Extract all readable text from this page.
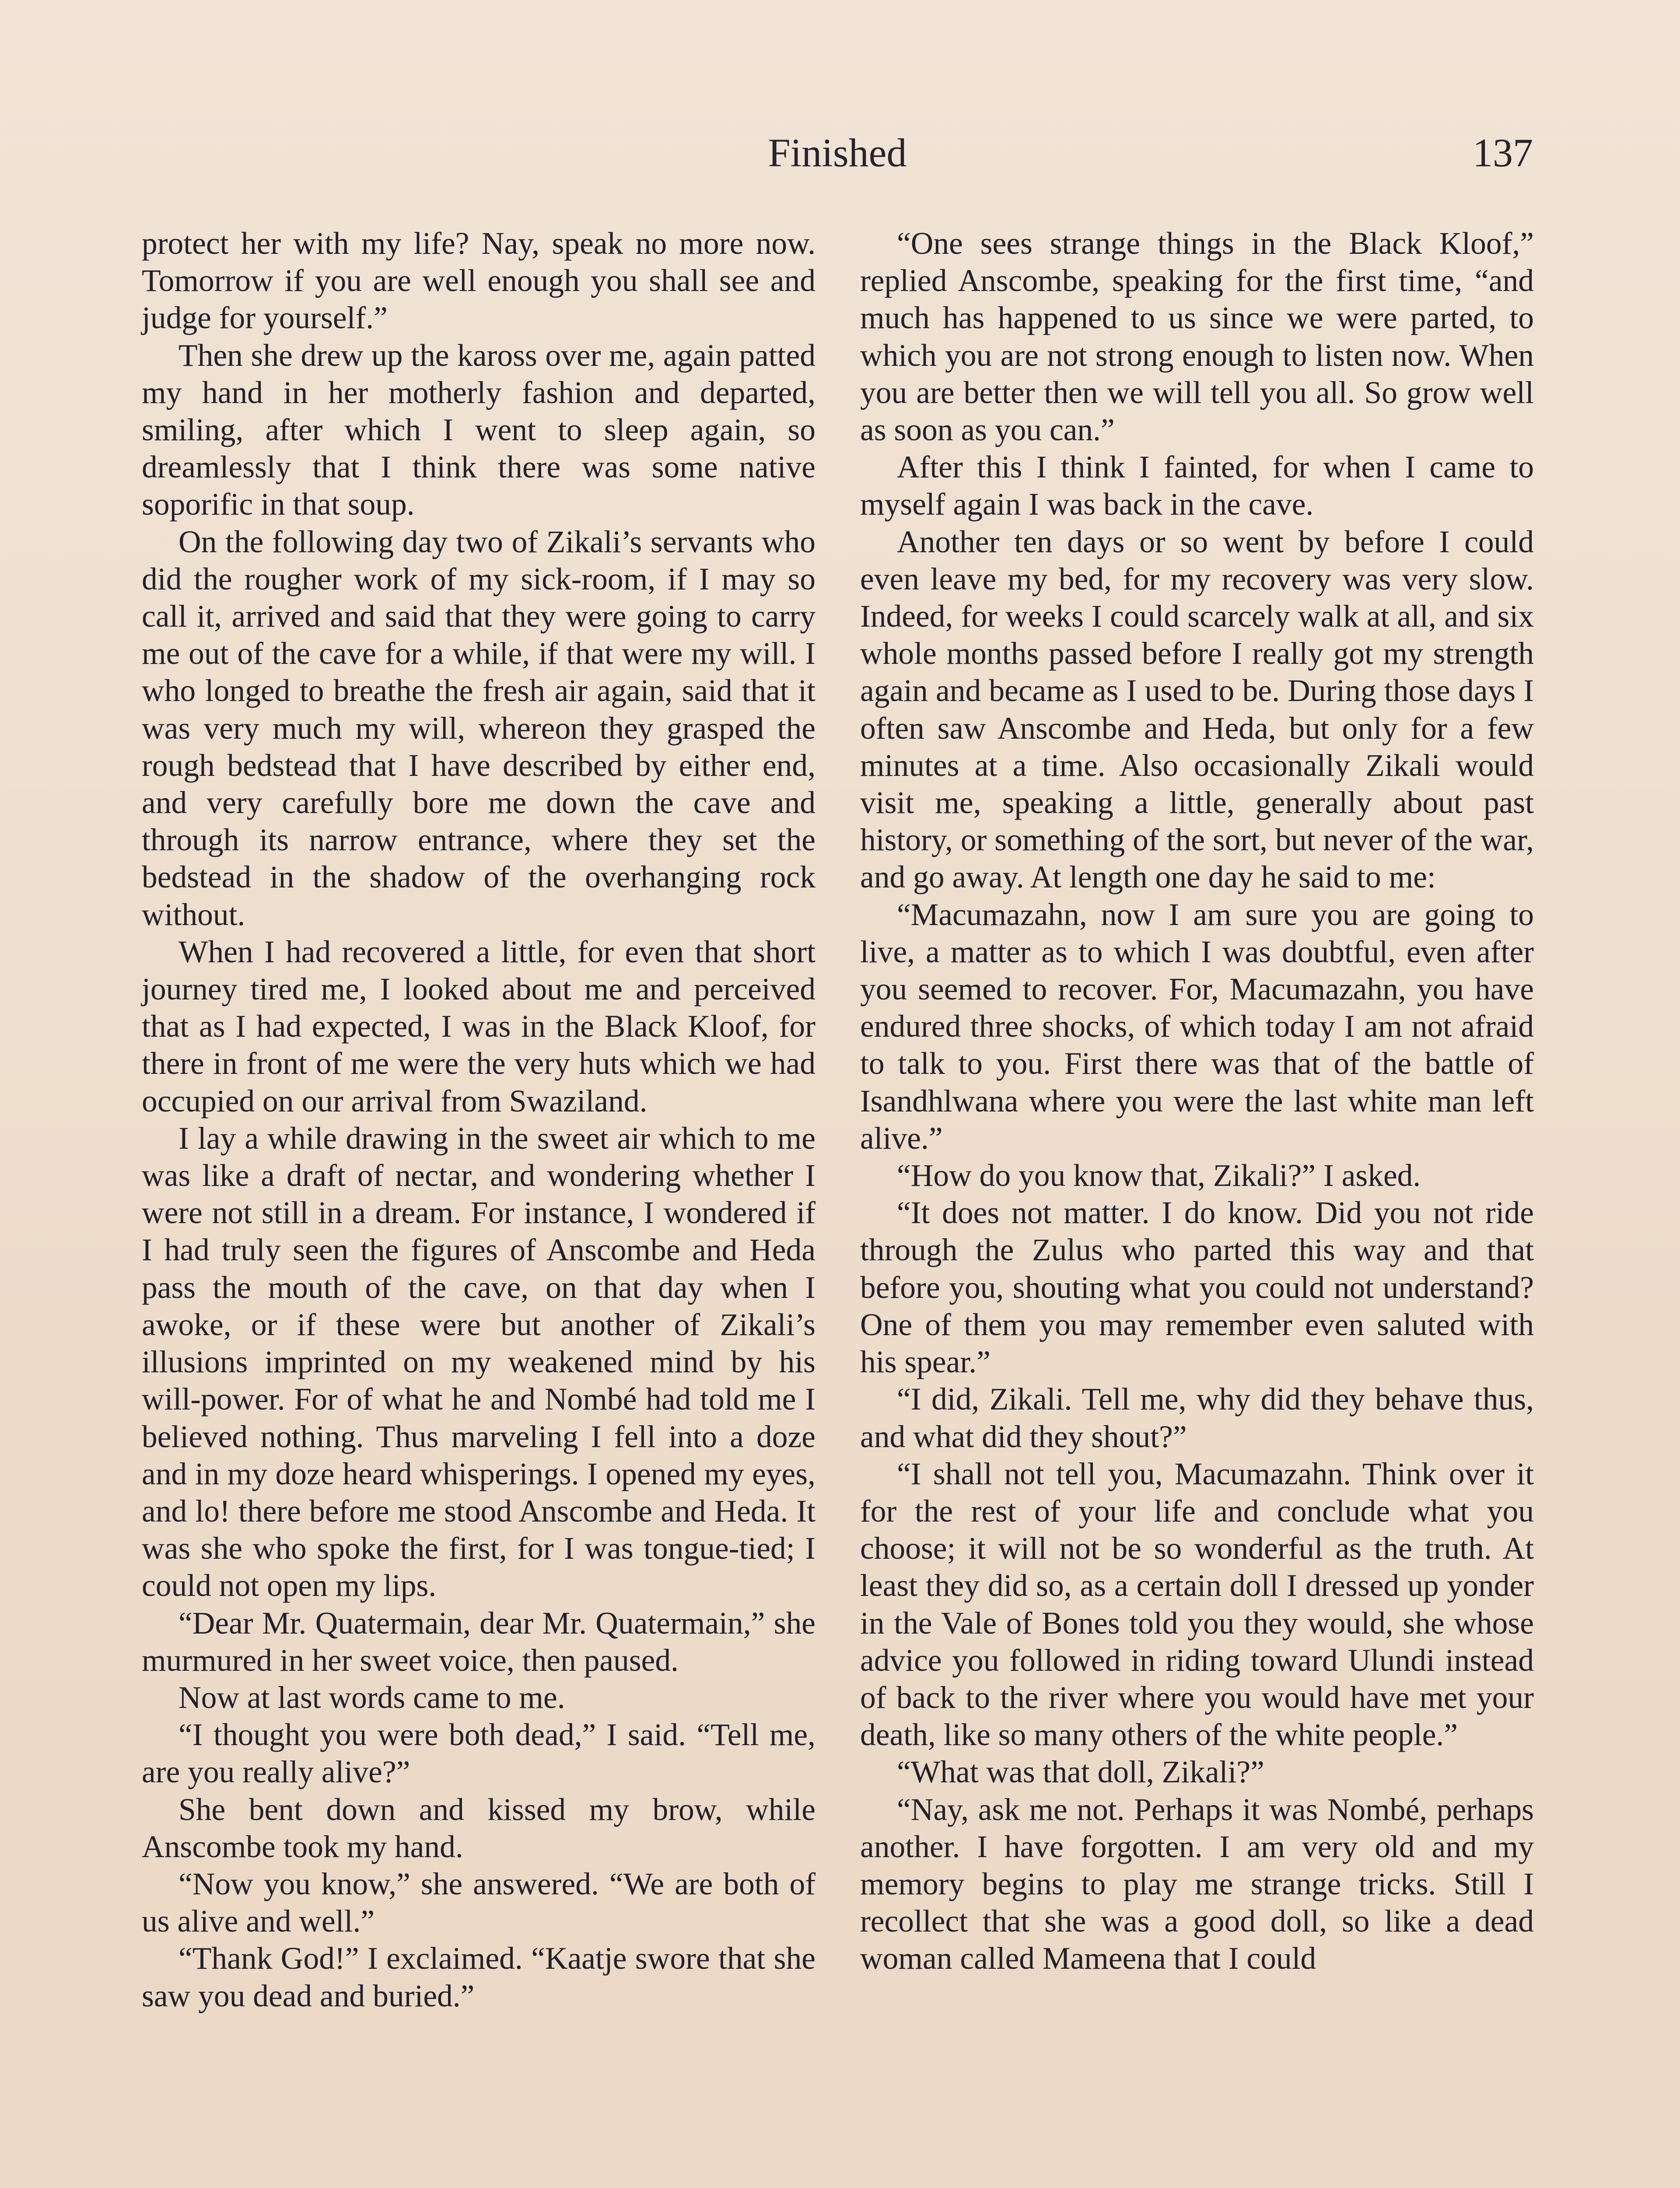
Finished	137

protect her with my life? Nay, speak no more now. Tomorrow if you are well enough you shall see and judge for yourself.”

Then she drew up the kaross over me, again patted my hand in her motherly fashion and departed, smiling, after which I went to sleep again, so dreamlessly that I think there was some native soporific in that soup.

On the following day two of Zikali’s servants who did the rougher work of my sick-room, if I may so call it, arrived and said that they were going to carry me out of the cave for a while, if that were my will. I who longed to breathe the fresh air again, said that it was very much my will, whereon they grasped the rough bedstead that I have described by either end, and very carefully bore me down the cave and through its narrow entrance, where they set the bedstead in the shadow of the overhanging rock without.

When I had recovered a little, for even that short journey tired me, I looked about me and perceived that as I had expected, I was in the Black Kloof, for there in front of me were the very huts which we had occupied on our arrival from Swaziland.

I lay a while drawing in the sweet air which to me was like a draft of nectar, and wondering whether I were not still in a dream. For instance, I wondered if I had truly seen the figures of Anscombe and Heda pass the mouth of the cave, on that day when I awoke, or if these were but another of Zikali’s illusions imprinted on my weakened mind by his will-power. For of what he and Nombé had told me I believed nothing. Thus marveling I fell into a doze and in my doze heard whisperings. I opened my eyes, and lo! there before me stood Anscombe and Heda. It was she who spoke the first, for I was tongue-tied; I could not open my lips.

“Dear Mr. Quatermain, dear Mr. Quatermain,” she murmured in her sweet voice, then paused.

Now at last words came to me.

“I thought you were both dead,” I said. “Tell me, are you really alive?”

She bent down and kissed my brow, while Anscombe took my hand.

“Now you know,” she answered. “We are both of us alive and well.”

“Thank God!” I exclaimed. “Kaatje swore that she saw you dead and buried.”

“One sees strange things in the Black Kloof,” replied Anscombe, speaking for the first time, “and much has happened to us since we were parted, to which you are not strong enough to listen now. When you are better then we will tell you all. So grow well as soon as you can.”

After this I think I fainted, for when I came to myself again I was back in the cave.

Another ten days or so went by before I could even leave my bed, for my recovery was very slow. Indeed, for weeks I could scarcely walk at all, and six whole months passed before I really got my strength again and became as I used to be. During those days I often saw Anscombe and Heda, but only for a few minutes at a time. Also occasionally Zikali would visit me, speaking a little, generally about past history, or something of the sort, but never of the war, and go away. At length one day he said to me:

“Macumazahn, now I am sure you are going to live, a matter as to which I was doubtful, even after you seemed to recover. For, Macumazahn, you have endured three shocks, of which today I am not afraid to talk to you. First there was that of the battle of Isandhlwana where you were the last white man left alive.”

“How do you know that, Zikali?” I asked.

“It does not matter. I do know. Did you not ride through the Zulus who parted this way and that before you, shouting what you could not understand? One of them you may remember even saluted with his spear.”

“I did, Zikali. Tell me, why did they behave thus, and what did they shout?”

“I shall not tell you, Macumazahn. Think over it for the rest of your life and conclude what you choose; it will not be so wonderful as the truth. At least they did so, as a certain doll I dressed up yonder in the Vale of Bones told you they would, she whose advice you followed in riding toward Ulundi instead of back to the river where you would have met your death, like so many others of the white people.”

“What was that doll, Zikali?”

“Nay, ask me not. Perhaps it was Nombé, perhaps another. I have forgotten. I am very old and my memory begins to play me strange tricks. Still I recollect that she was a good doll, so like a dead woman called Mameena that I could
